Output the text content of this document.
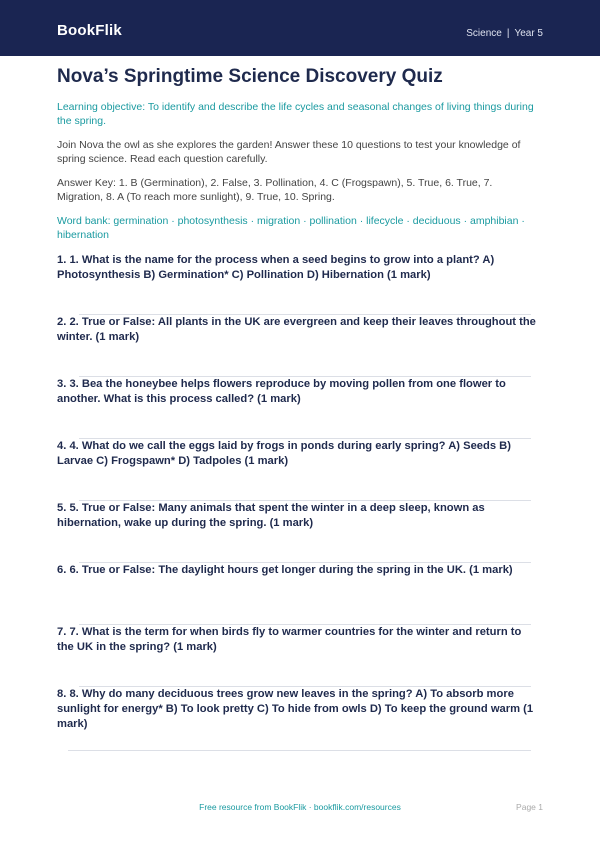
BookFlik	Science | Year 5
Nova’s Springtime Science Discovery Quiz
Learning objective: To identify and describe the life cycles and seasonal changes of living things during the spring.
Join Nova the owl as she explores the garden! Answer these 10 questions to test your knowledge of spring science. Read each question carefully.
Answer Key: 1. B (Germination), 2. False, 3. Pollination, 4. C (Frogspawn), 5. True, 6. True, 7. Migration, 8. A (To reach more sunlight), 9. True, 10. Spring.
Word bank: germination · photosynthesis · migration · pollination · lifecycle · deciduous · amphibian · hibernation
1. 1. What is the name for the process when a seed begins to grow into a plant? A) Photosynthesis B) Germination* C) Pollination D) Hibernation (1 mark)
2. 2. True or False: All plants in the UK are evergreen and keep their leaves throughout the winter. (1 mark)
3. 3. Bea the honeybee helps flowers reproduce by moving pollen from one flower to another. What is this process called? (1 mark)
4. 4. What do we call the eggs laid by frogs in ponds during early spring? A) Seeds B) Larvae C) Frogspawn* D) Tadpoles (1 mark)
5. 5. True or False: Many animals that spent the winter in a deep sleep, known as hibernation, wake up during the spring. (1 mark)
6. 6. True or False: The daylight hours get longer during the spring in the UK. (1 mark)
7. 7. What is the term for when birds fly to warmer countries for the winter and return to the UK in the spring? (1 mark)
8. 8. Why do many deciduous trees grow new leaves in the spring? A) To absorb more sunlight for energy* B) To look pretty C) To hide from owls D) To keep the ground warm (1 mark)
Free resource from BookFlik · bookflik.com/resources	Page 1
